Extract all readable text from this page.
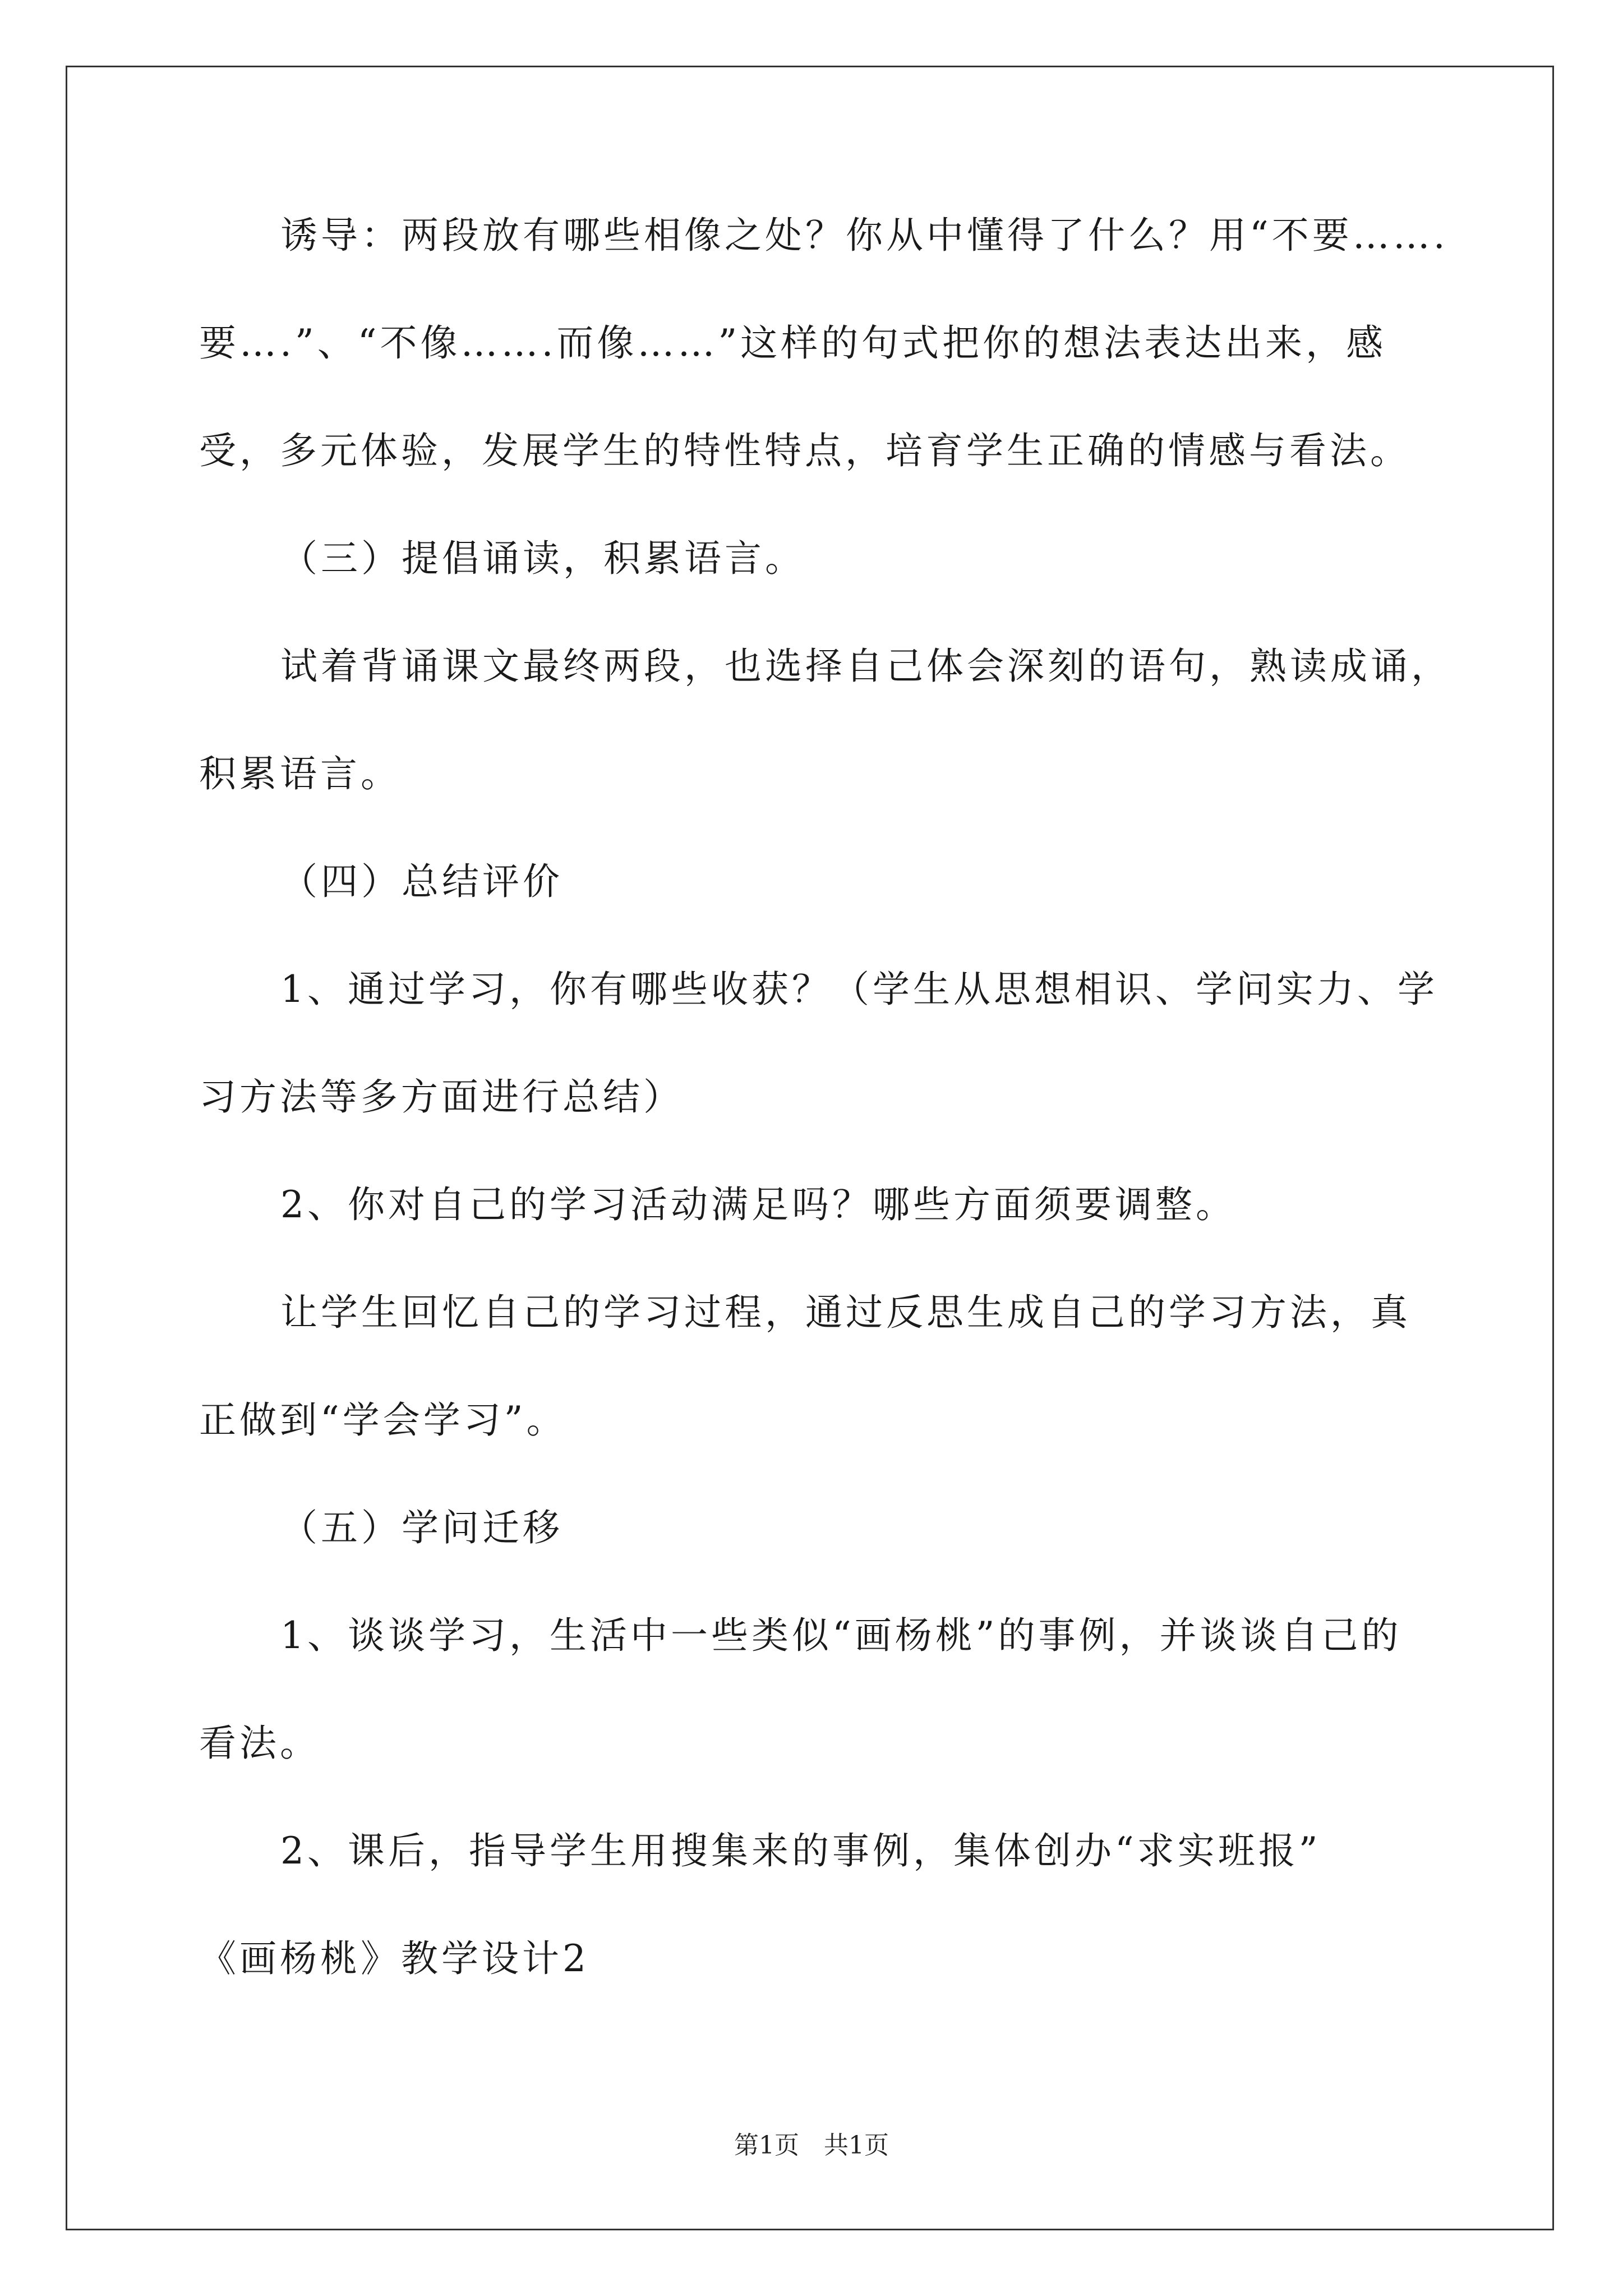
诱导：两段放有哪些相像之处？你从中懂得了什么？用“不要…….
要….”、“不像…….而像……”这样的句式把你的想法表达出来，感
受，多元体验，发展学生的特性特点，培育学生正确的情感与看法。
（三）提倡诵读，积累语言。
试着背诵课文最终两段，也选择自己体会深刻的语句，熟读成诵，
积累语言。
（四）总结评价
1、通过学习，你有哪些收获？（学生从思想相识、学问实力、学
习方法等多方面进行总结）
2、你对自己的学习活动满足吗？哪些方面须要调整。
让学生回忆自己的学习过程，通过反思生成自己的学习方法，真
正做到“学会学习”。
（五）学问迁移
1、谈谈学习，生活中一些类似“画杨桃”的事例，并谈谈自己的
看法。
2、课后，指导学生用搜集来的事例，集体创办“求实班报”
《画杨桃》教学设计2
第1页　共1页
